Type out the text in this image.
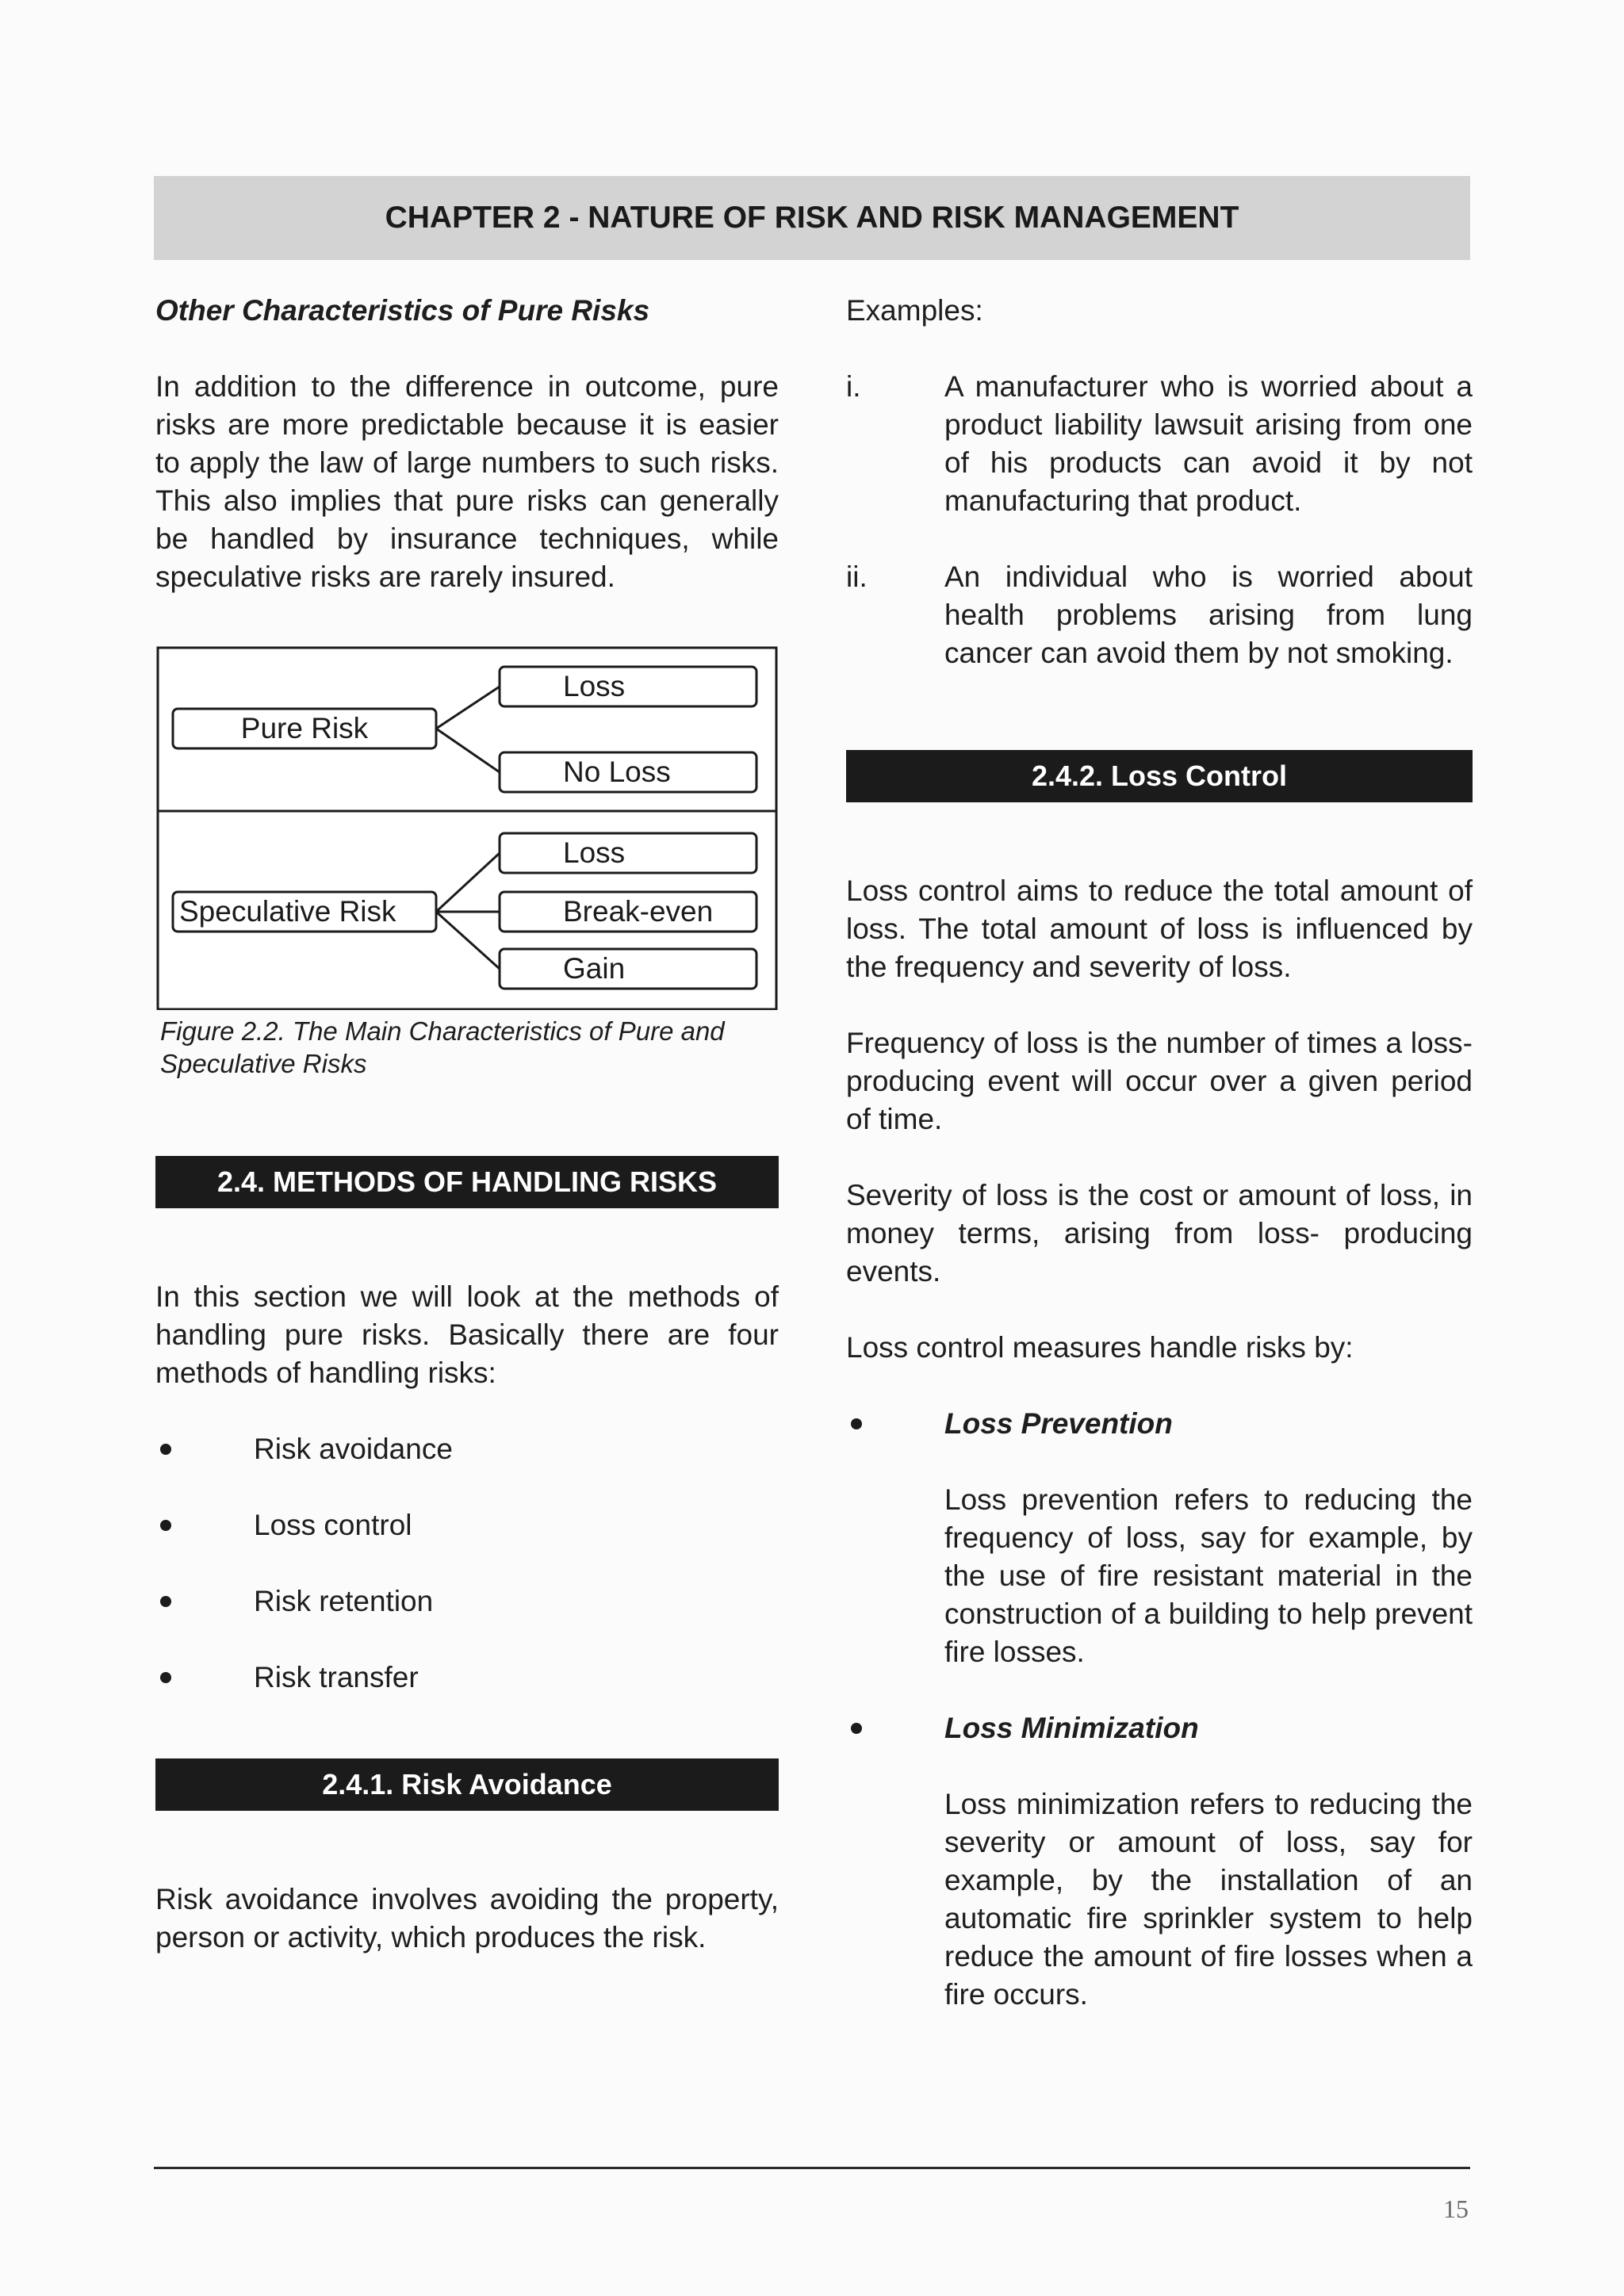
CHAPTER 2 - NATURE OF RISK AND RISK MANAGEMENT

Other Characteristics of Pure Risks

In addition to the difference in outcome, pure risks are more predictable because it is easier to apply the law of large numbers to such risks. This also implies that pure risks can generally be handled by insurance techniques, while speculative risks are rarely insured.

Pure Risk
Loss
No Loss
Speculative Risk
Loss
Break-even
Gain

Figure 2.2. The Main Characteristics of Pure and Speculative Risks

2.4. METHODS OF HANDLING RISKS

In this section we will look at the methods of handling pure risks. Basically there are four methods of handling risks:

Risk avoidance
Loss control
Risk retention
Risk transfer
2.4.1. Risk Avoidance

Risk avoidance involves avoiding the property, person or activity, which produces the risk.

Examples:

i.	A manufacturer who is worried about a product liability lawsuit arising from one of his products can avoid it by not manufacturing that product.

ii.	An individual who is worried about health problems arising from lung cancer can avoid them by not smoking.

2.4.2. Loss Control

Loss control aims to reduce the total amount of loss. The total amount of loss is influenced by the frequency and severity of loss.

Frequency of loss is the number of times a loss-producing event will occur over a given period of time.

Severity of loss is the cost or amount of loss, in money terms, arising from loss- producing events.

Loss control measures handle risks by:

Loss Prevention

Loss prevention refers to reducing the frequency of loss, say for example, by the use of fire resistant material in the construction of a building to help prevent fire losses.

Loss Minimization

Loss minimization refers to reducing the severity or amount of loss, say for example, by the installation of an automatic fire sprinkler system to help reduce the amount of fire losses when a fire occurs.

15
